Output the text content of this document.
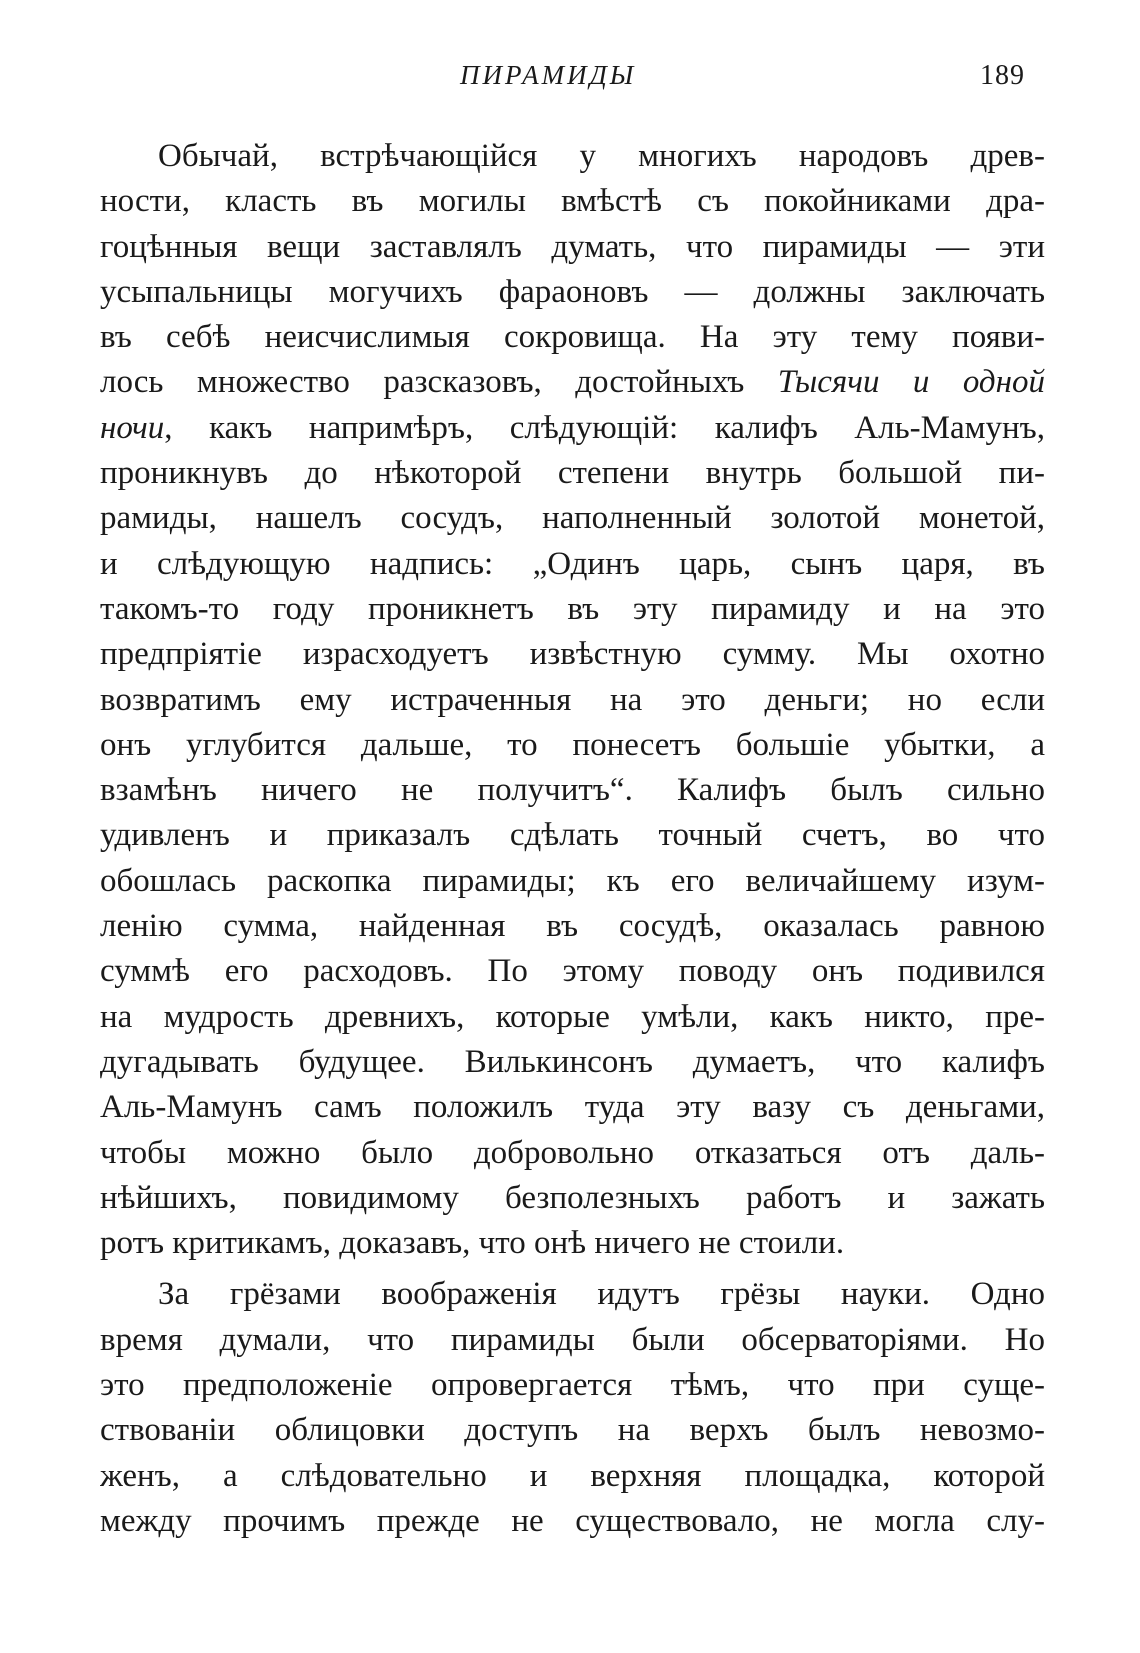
ПИРАМИДЫ	189
Обычай, встрѣчающійся у многихъ народовъ древ-
ности, класть въ могилы вмѣстѣ съ покойниками дра-
гоцѣнныя вещи заставлялъ думать, что пирамиды — эти
усыпальницы могучихъ фараоновъ — должны заключать
въ себѣ неисчислимыя сокровища. На эту тему появи-
лось множество разсказовъ, достойныхъ Тысячи и одной
ночи, какъ напримѣръ, слѣдующій: калифъ Аль-Мамунъ,
проникнувъ до нѣкоторой степени внутрь большой пи-
рамиды, нашелъ сосудъ, наполненный золотой монетой,
и слѣдующую надпись: „Одинъ царь, сынъ царя, въ
такомъ-то году проникнетъ въ эту пирамиду и на это
предпріятіе израсходуетъ извѣстную сумму. Мы охотно
возвратимъ ему истраченныя на это деньги; но если
онъ углубится дальше, то понесетъ большіе убытки, а
взамѣнъ ничего не получитъ“. Калифъ былъ сильно
удивленъ и приказалъ сдѣлать точный счетъ, во что
обошлась раскопка пирамиды; къ его величайшему изум-
ленію сумма, найденная въ сосудѣ, оказалась равною
суммѣ его расходовъ. По этому поводу онъ подивился
на мудрость древнихъ, которые умѣли, какъ никто, пре-
дугадывать будущее. Вилькинсонъ думаетъ, что калифъ
Аль-Мамунъ самъ положилъ туда эту вазу съ деньгами,
чтобы можно было добровольно отказаться отъ даль-
нѣйшихъ, повидимому безполезныхъ работъ и зажать
ротъ критикамъ, доказавъ, что онѣ ничего не стоили.
За грёзами воображенія идутъ грёзы науки. Одно
время думали, что пирамиды были обсерваторіями. Но
это предположеніе опровергается тѣмъ, что при суще-
ствованіи облицовки доступъ на верхъ былъ невозмо-
женъ, а слѣдовательно и верхняя площадка, которой
между прочимъ прежде не существовало, не могла слу-
